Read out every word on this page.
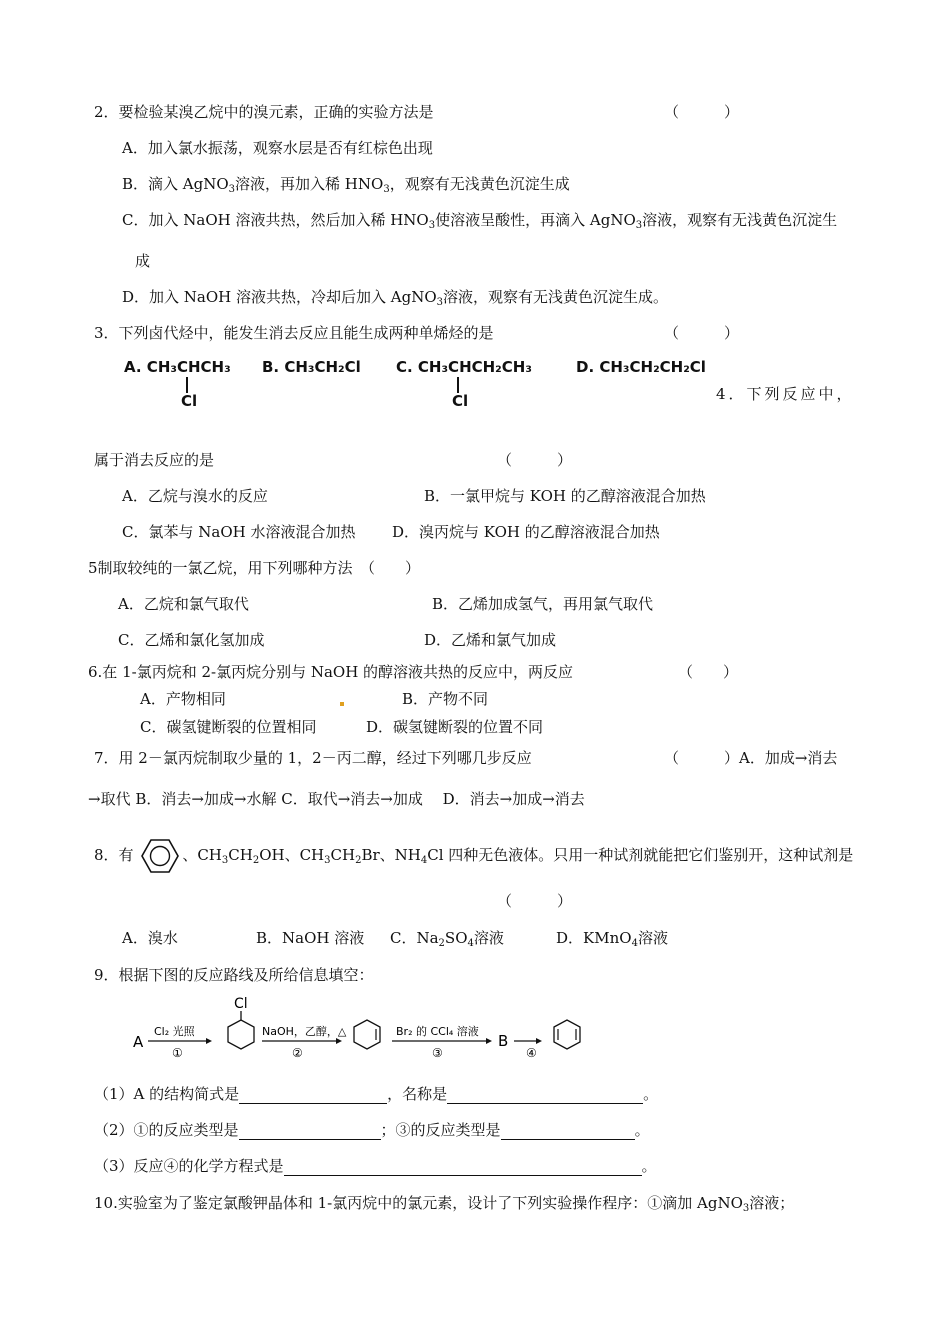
2．要检验某溴乙烷中的溴元素，正确的实验方法是	（　　　）
A．加入氯水振荡，观察水层是否有红棕色出现
B．滴入 AgNO$_3$溶液，再加入稀 $HNO_3$，观察有无浅黄色沉淀生成
C．加入 NaOH 溶液共热，然后加入稀 $HNO_3$使溶液呈酸性，再滴入 AgNO$_3$溶液，观察有无浅黄色沉淀生
成
D．加入 NaOH 溶液共热，冷却后加入 AgNO$_3$溶液，观察有无浅黄色沉淀生成。
3．下列卤代烃中，能发生消去反应且能生成两种单烯烃的是	（　　　）
A. CH₃CHCH₃
Cl
B. CH₃CH₂Cl C. CH₃CHCH₂CH₃
Cl
D. CH₃CH₂CH₂Cl
4．下列反应中，
属于消去反应的是	（　　　）
A．乙烷与溴水的反应	B．一氯甲烷与 KOH 的乙醇溶液混合加热
C．氯苯与 NaOH 水溶液混合加热 D．溴丙烷与 KOH 的乙醇溶液混合加热
5制取较纯的一氯乙烷，用下列哪种方法　（　　）
A．乙烷和氯气取代	B．乙烯加成氢气，再用氯气取代
C．乙烯和氯化氢加成	D．乙烯和氯气加成
6.在 1-氯丙烷和 2-氯丙烷分别与 NaOH 的醇溶液共热的反应中，两反应	（　　）
A．产物相同	B．产物不同
C．碳氢键断裂的位置相同	D．碳氢键断裂的位置不同
7．用 2－氯丙烷制取少量的 1，2－丙二醇，经过下列哪几步反应	（　　　）A．加成→消去
→取代 B．消去→加成→水解 C．取代→消去→加成　 D．消去→加成→消去
8．有	、$CH_3CH_2OH$、$CH_3CH_2Br$、$NH_4Cl$ 四种无色液体。只用一种试剂就能把它们鉴别开，这种试剂是
（　　　）
A．溴水	B．NaOH 溶液 C．$Na_2SO_4$溶液	D．KMnO$_4$溶液
9．根据下图的反应路线及所给信息填空：
A
Cl₂ 光照
①
Cl
NaOH，乙醇，△
②
Br₂ 的 CCl₄ 溶液
③
B
④
（1）A 的结构简式是	，名称是	。
（2）①的反应类型是	；③的反应类型是	。
（3）反应④的化学方程式是	。
10.实验室为了鉴定氯酸钾晶体和 1-氯丙烷中的氯元素，设计了下列实验操作程序：①滴加 AgNO$_3$溶液；
